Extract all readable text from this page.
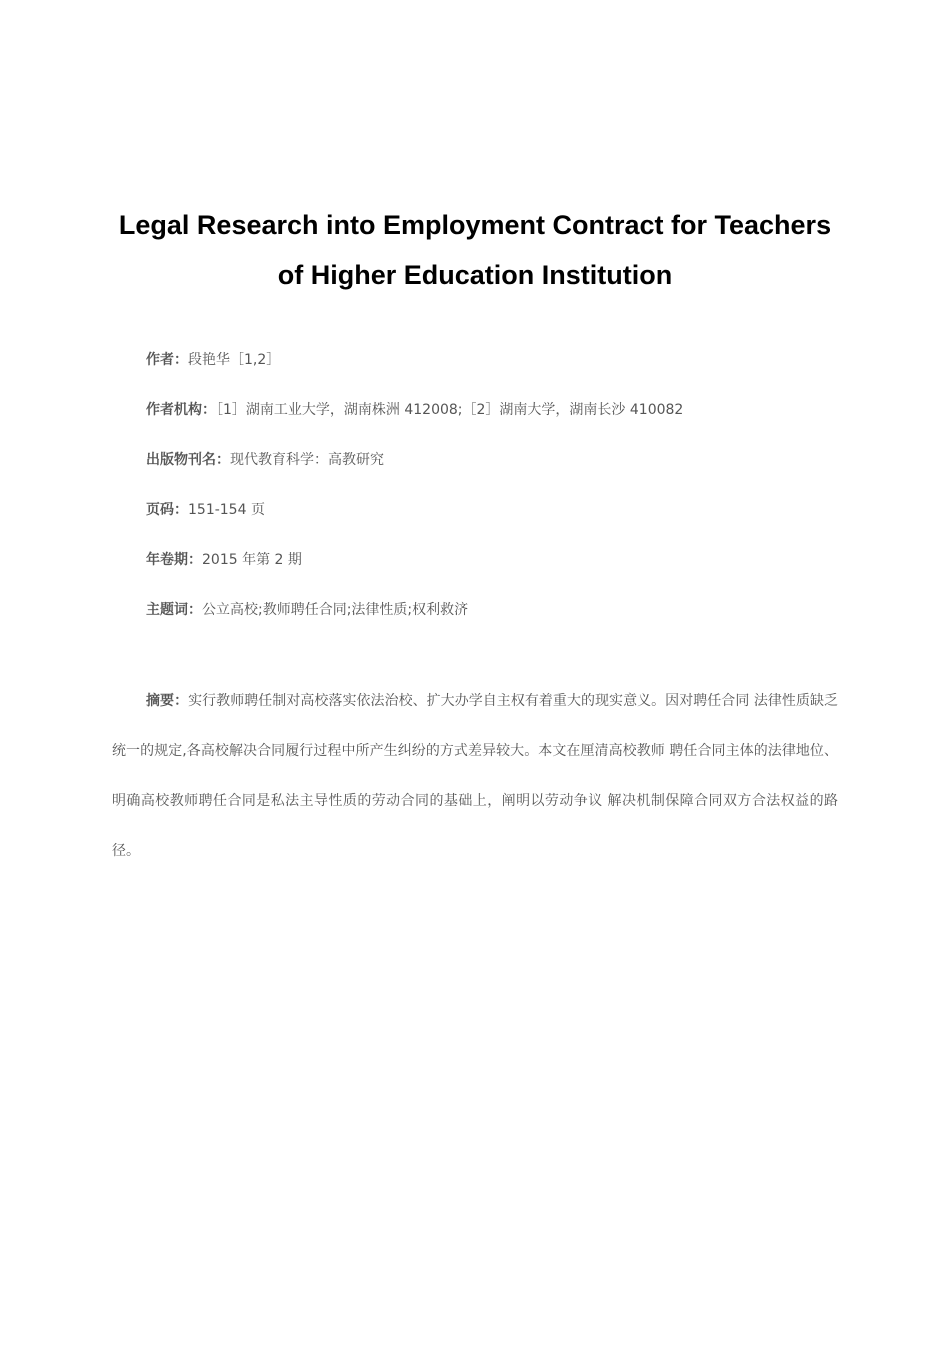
Legal Research into Employment Contract for Teachers
of Higher Education Institution
作者：段艳华［1,2］
作者机构：［1］湖南工业大学，湖南株洲 412008;［2］湖南大学，湖南长沙 410082
出版物刊名：现代教育科学：高教研究
页码：151-154 页
年卷期：2015 年第 2 期
主题词：公立高校;教师聘任合同;法律性质;权利救济
摘要：实行教师聘任制对高校落实依法治校、扩大办学自主权有着重大的现实意义。因对聘任合同 法律性质缺乏统一的规定,各高校解决合同履行过程中所产生纠纷的方式差异较大。本文在厘清高校教师 聘任合同主体的法律地位、明确高校教师聘任合同是私法主导性质的劳动合同的基础上，阐明以劳动争议 解决机制保障合同双方合法权益的路径。
